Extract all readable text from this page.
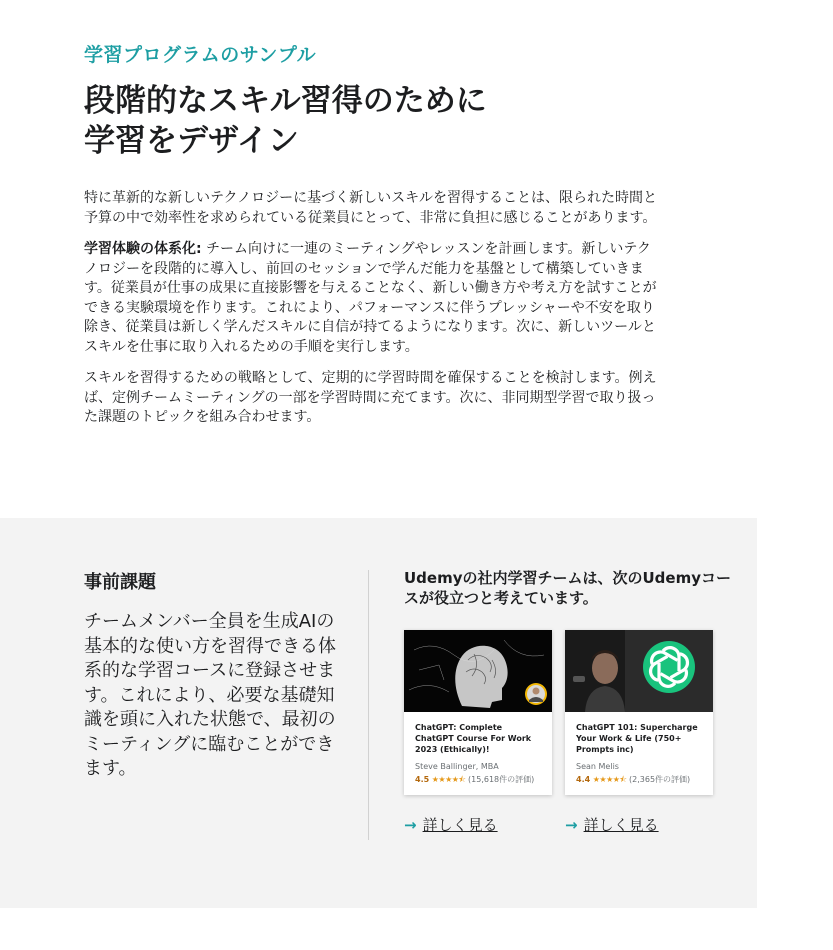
学習プログラムのサンプル
段階的なスキル習得のために
学習をデザイン

特に革新的な新しいテクノロジーに基づく新しいスキルを習得することは、限られた時間と予算の中で効率性を求められている従業員にとって、非常に負担に感じることがあります。

学習体験の体系化: チーム向けに一連のミーティングやレッスンを計画します。新しいテクノロジーを段階的に導入し、前回のセッションで学んだ能力を基盤として構築していきます。従業員が仕事の成果に直接影響を与えることなく、新しい働き方や考え方を試すことができる実験環境を作ります。これにより、パフォーマンスに伴うプレッシャーや不安を取り除き、従業員は新しく学んだスキルに自信が持てるようになります。次に、新しいツールとスキルを仕事に取り入れるための手順を実行します。

スキルを習得するための戦略として、定期的に学習時間を確保することを検討します。例えば、定例チームミーティングの一部を学習時間に充てます。次に、非同期型学習で取り扱った課題のトピックを組み合わせます。

事前課題
チームメンバー全員を生成AIの基本的な使い方を習得できる体系的な学習コースに登録させます。これにより、必要な基礎知識を頭に入れた状態で、最初のミーティングに臨むことができます。
Udemyの社内学習チームは、次のUdemyコースが役立つと考えています。
ChatGPT: Complete ChatGPT Course For Work 2023 (Ethically)!
Steve Ballinger, MBA
4.5 ★★★★⯪ (15,618件の評価)
ChatGPT 101: Supercharge Your Work & Life (750+ Prompts inc)
Sean Melis
4.4 ★★★★⯪ (2,365件の評価)
→ 詳しく見る	→ 詳しく見る
